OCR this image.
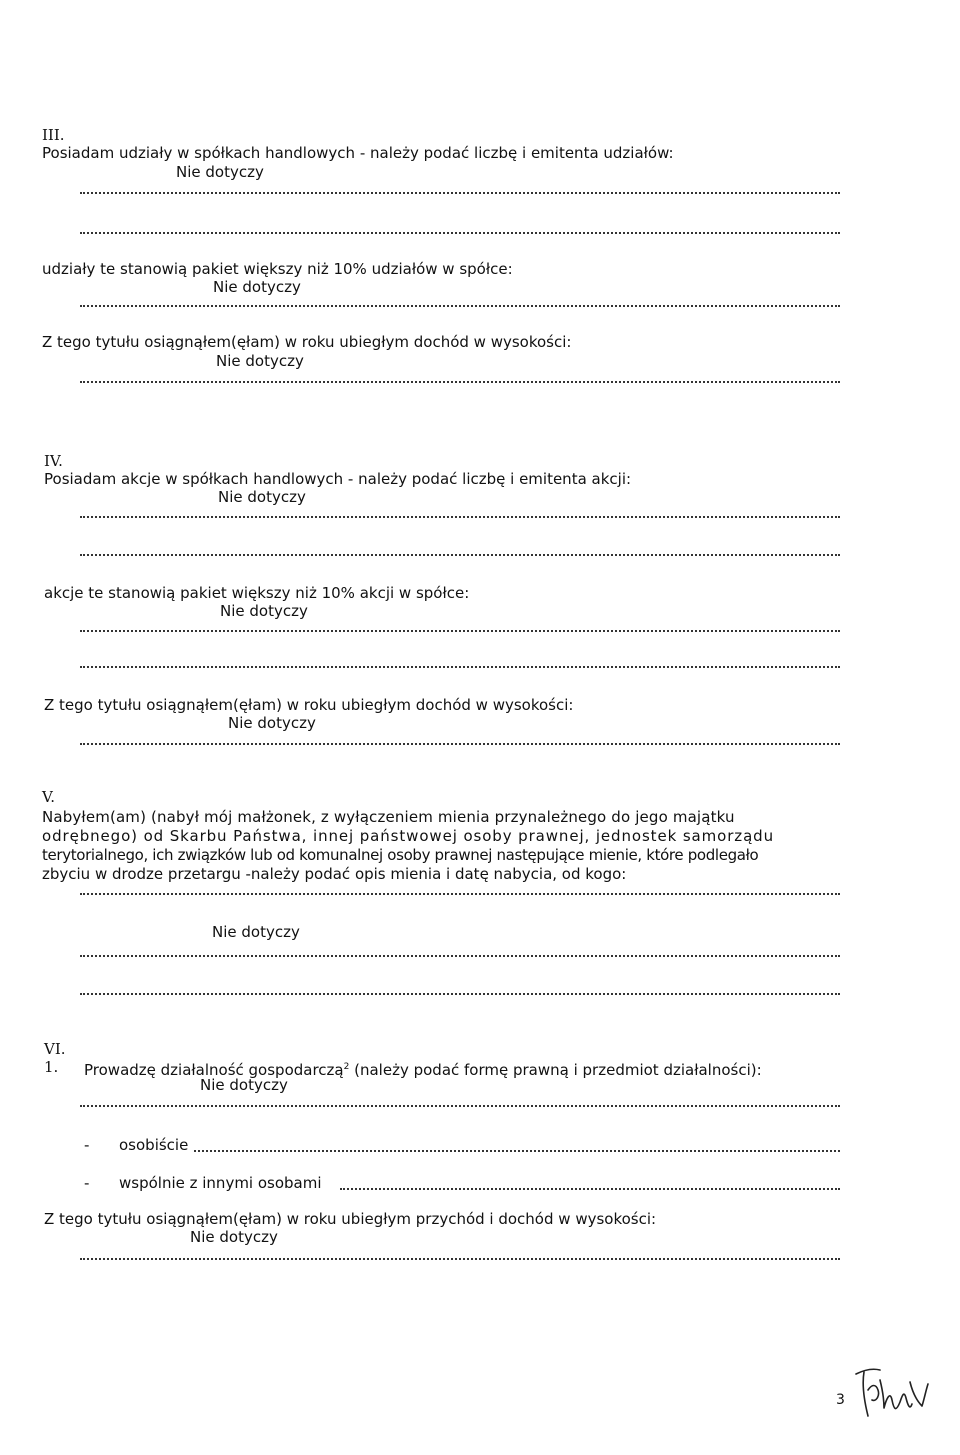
III.
Posiadam udziały w spółkach handlowych - należy podać liczbę i emitenta udziałów:
Nie dotyczy
udziały te stanowią pakiet większy niż 10% udziałów w spółce:
Nie dotyczy
Z tego tytułu osiągnąłem(ęłam) w roku ubiegłym dochód w wysokości:
Nie dotyczy
IV.
Posiadam akcje w spółkach handlowych - należy podać liczbę i emitenta akcji:
Nie dotyczy
akcje te stanowią pakiet większy niż 10% akcji w spółce:
Nie dotyczy
Z tego tytułu osiągnąłem(ęłam) w roku ubiegłym dochód w wysokości:
Nie dotyczy
V.
Nabyłem(am) (nabył mój małżonek, z wyłączeniem mienia przynależnego do jego majątku
odrębnego) od Skarbu Państwa, innej państwowej osoby prawnej, jednostek samorządu
terytorialnego, ich związków lub od komunalnej osoby prawnej następujące mienie, które podlegało
zbyciu w drodze przetargu -należy podać opis mienia i datę nabycia, od kogo:
Nie dotyczy
VI.
1. Prowadzę działalność gospodarczą$^2$ (należy podać formę prawną i przedmiot działalności):
Nie dotyczy
- osobiście
- wspólnie z innymi osobami
Z tego tytułu osiągnąłem(ęłam) w roku ubiegłym przychód i dochód w wysokości:
Nie dotyczy
3
